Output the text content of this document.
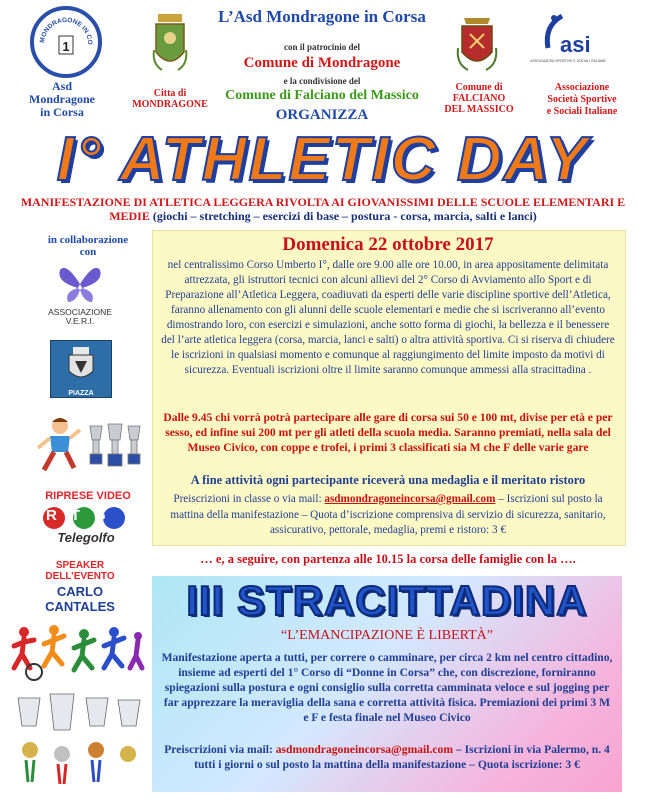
MONDRAGONE IN CO
1
Asd
Mondragone
in Corsa
Citta di
MONDRAGONE
L’Asd Mondragone in Corsa
con il patrocinio del
Comune di Mondragone
e la condivisione del
Comune di Falciano del Massico
ORGANIZZA
Comune di
FALCIANO
DEL MASSICO
asi
ASSOCIAZIONI SPORTIVE E SOCIALI ITALIANE
Associazione
Società Sportive
e Sociali Italiane
I° ATHLETIC DAY
MANIFESTAZIONE DI ATLETICA LEGGERA RIVOLTA AI GIOVANISSIMI DELLE SCUOLE ELEMENTARI E MEDIE (giochi – stretching – esercizi di base – postura - corsa, marcia, salti e lanci)
in collaborazione
con
ASSOCIAZIONE
V.E.R.I.
PIAZZA
RIPRESE VIDEO
RTG
Telegolfo
SPEAKER
DELL’EVENTO
CARLO
CANTALES
Domenica 22 ottobre 2017
nel centralissimo Corso Umberto I°, dalle ore 9.00 alle ore 10.00, in area appositamente delimitata attrezzata, gli istruttori tecnici con alcuni allievi del 2° Corso di Avviamento allo Sport e di Preparazione all’Atletica Leggera, coadiuvati da esperti delle varie discipline sportive dell’Atletica, faranno allenamento con gli alunni delle scuole elementari e medie che si iscriveranno all’evento dimostrando loro, con esercizi e simulazioni, anche sotto forma di giochi, la bellezza e il benessere del l’arte atletica leggera (corsa, marcia, lanci e salti) o altra attività sportiva. Ci si riserva di chiudere le iscrizioni in qualsiasi momento e comunque al raggiungimento del limite imposto da motivi di sicurezza. Eventuali iscrizioni oltre il limite saranno comunque ammessi alla stracittadina .
Dalle 9.45 chi vorrà potrà partecipare alle gare di corsa sui 50 e 100 mt, divise per età e per sesso, ed infine sui 200 mt per gli atleti della scuola media. Saranno premiati, nella sala del Museo Civico, con coppe e trofei, i primi 3 classificati sia M che F delle varie gare
A fine attività ogni partecipante riceverà una medaglia e il meritato ristoro
Preiscrizioni in classe o via mail: asdmondragoneincorsa@gmail.com – Iscrizioni sul posto la mattina della manifestazione – Quota d’iscrizione comprensiva di servizio di sicurezza, sanitario, assicurativo, pettorale, medaglia, premi e ristoro: 3 €
… e, a seguire, con partenza alle 10.15 la corsa delle famiglie con la ….
III STRACITTADINA
“L’EMANCIPAZIONE È LIBERTÀ”
Manifestazione aperta a tutti, per correre o camminare, per circa 2 km nel centro cittadino, insieme ad esperti del 1° Corso di “Donne in Corsa” che, con discrezione, forniranno spiegazioni sulla postura e ogni consiglio sulla corretta camminata veloce e sul jogging per far apprezzare la meraviglia della sana e corretta attività fisica. Premiazioni dei primi 3 M e F e festa finale nel Museo Civico
Preiscrizioni via mail: asdmondragoneincorsa@gmail.com – Iscrizioni in via Palermo, n. 4 tutti i giorni o sul posto la mattina della manifestazione – Quota iscrizione: 3 €
